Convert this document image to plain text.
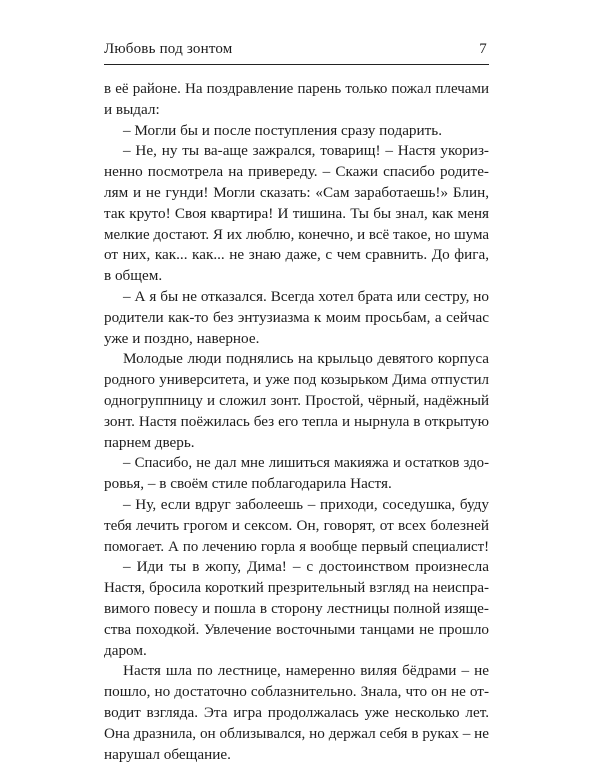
Любовь под зонтом	7
в её районе. На поздравление парень только пожал плечами
и выдал:
– Могли бы и после поступления сразу подарить.
– Не, ну ты ва-аще зажрался, товарищ! – Настя укориз-
ненно посмотрела на привереду. – Скажи спасибо родите-
лям и не гунди! Могли сказать: «Сам заработаешь!» Блин,
так круто! Своя квартира! И тишина. Ты бы знал, как меня
мелкие достают. Я их люблю, конечно, и всё такое, но шума
от них, как... как... не знаю даже, с чем сравнить. До фига,
в общем.
– А я бы не отказался. Всегда хотел брата или сестру, но
родители как-то без энтузиазма к моим просьбам, а сейчас
уже и поздно, наверное.
Молодые люди поднялись на крыльцо девятого корпуса
родного университета, и уже под козырьком Дима отпустил
одногруппницу и сложил зонт. Простой, чёрный, надёжный
зонт. Настя поёжилась без его тепла и нырнула в открытую
парнем дверь.
– Спасибо, не дал мне лишиться макияжа и остатков здо-
ровья, – в своём стиле поблагодарила Настя.
– Ну, если вдруг заболеешь – приходи, соседушка, буду
тебя лечить грогом и сексом. Он, говорят, от всех болезней
помогает. А по лечению горла я вообще первый специалист!
– Иди ты в жопу, Дима! – с достоинством произнесла
Настя, бросила короткий презрительный взгляд на неиспра-
вимого повесу и пошла в сторону лестницы полной изяще-
ства походкой. Увлечение восточными танцами не прошло
даром.
Настя шла по лестнице, намеренно виляя бёдрами – не
пошло, но достаточно соблазнительно. Знала, что он не от-
водит взгляда. Эта игра продолжалась уже несколько лет.
Она дразнила, он облизывался, но держал себя в руках – не
нарушал обещание.
